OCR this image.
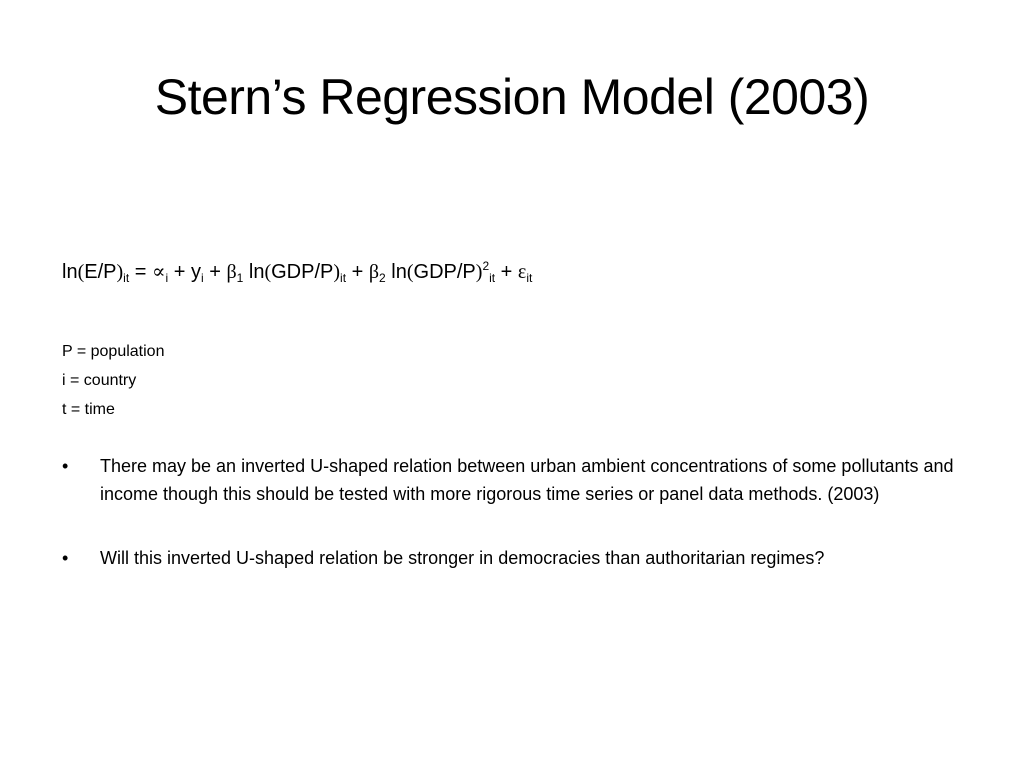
Stern’s Regression Model (2003)
$\ln(E/P)_{it} = \propto_i + y_i + \beta_1$ $\ln(GDP/P)_{it} + \beta_2$ $\ln(GDP/P)^2_{it} + \varepsilon_{it}$
P = population
i = country
t = time
•	There may be an inverted U-shaped relation between urban ambient concentrations of some pollutants and income though this should be tested with more rigorous time series or panel data methods. (2003)
•	Will this inverted U-shaped relation be stronger in democracies than authoritarian regimes?
